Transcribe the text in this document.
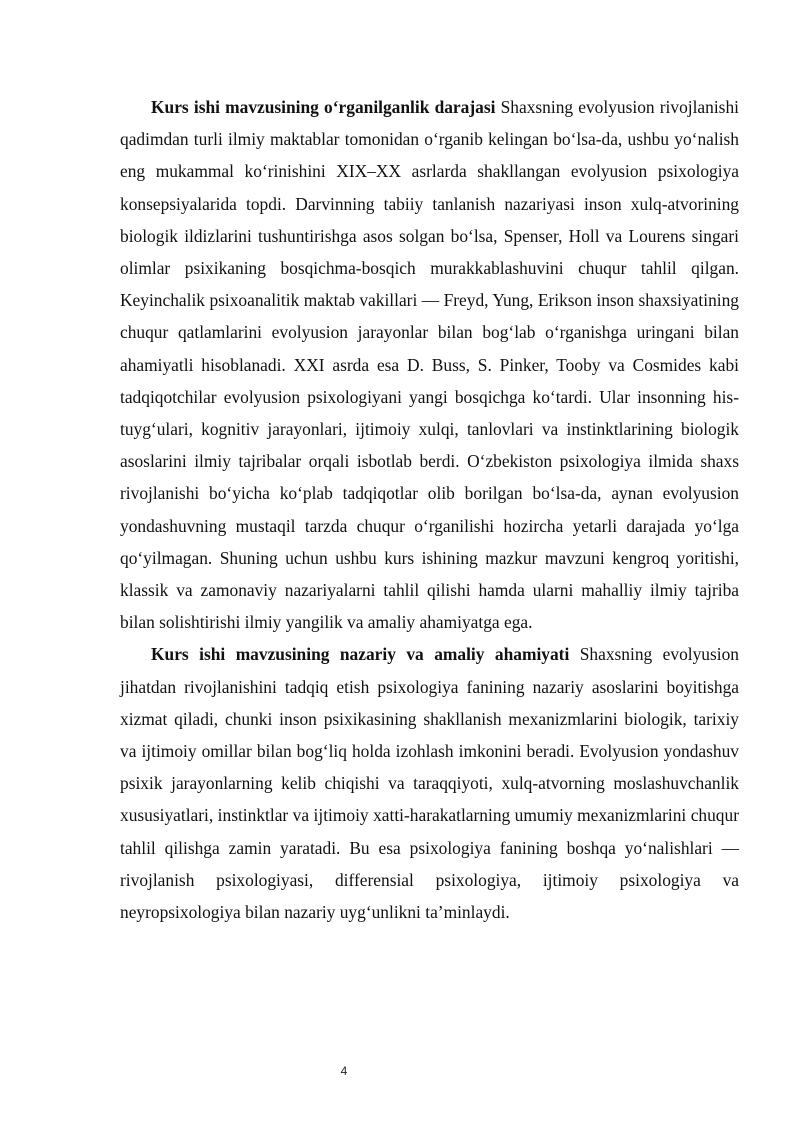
Kurs ishi mavzusining o‘rganilganlik darajasi Shaxsning evolyusion rivojlanishi qadimdan turli ilmiy maktablar tomonidan o‘rganib kelingan bo‘lsa-da, ushbu yo‘nalish eng mukammal ko‘rinishini XIX–XX asrlarda shakllangan evolyusion psixologiya konsepsiyalarida topdi. Darvinning tabiiy tanlanish nazariyasi inson xulq-atvorining biologik ildizlarini tushuntirishga asos solgan bo‘lsa, Spenser, Holl va Lourens singari olimlar psixikaning bosqichma-bosqich murakkablashuvini chuqur tahlil qilgan. Keyinchalik psixoanalitik maktab vakillari — Freyd, Yung, Erikson inson shaxsiyatining chuqur qatlamlarini evolyusion jarayonlar bilan bog‘lab o‘rganishga uringani bilan ahamiyatli hisoblanadi. XXI asrda esa D. Buss, S. Pinker, Tooby va Cosmides kabi tadqiqotchilar evolyusion psixologiyani yangi bosqichga ko‘tardi. Ular insonning his-tuyg‘ulari, kognitiv jarayonlari, ijtimoiy xulqi, tanlovlari va instinktlarining biologik asoslarini ilmiy tajribalar orqali isbotlab berdi. O‘zbekiston psixologiya ilmida shaxs rivojlanishi bo‘yicha ko‘plab tadqiqotlar olib borilgan bo‘lsa-da, aynan evolyusion yondashuvning mustaqil tarzda chuqur o‘rganilishi hozircha yetarli darajada yo‘lga qo‘yilmagan. Shuning uchun ushbu kurs ishining mazkur mavzuni kengroq yoritishi, klassik va zamonaviy nazariyalarni tahlil qilishi hamda ularni mahalliy ilmiy tajriba bilan solishtirishi ilmiy yangilik va amaliy ahamiyatga ega.

Kurs ishi mavzusining nazariy va amaliy ahamiyati Shaxsning evolyusion jihatdan rivojlanishini tadqiq etish psixologiya fanining nazariy asoslarini boyitishga xizmat qiladi, chunki inson psixikasining shakllanish mexanizmlarini biologik, tarixiy va ijtimoiy omillar bilan bog‘liq holda izohlash imkonini beradi. Evolyusion yondashuv psixik jarayonlarning kelib chiqishi va taraqqiyoti, xulq-atvorning moslashuvchanlik xususiyatlari, instinktlar va ijtimoiy xatti-harakatlarning umumiy mexanizmlarini chuqur tahlil qilishga zamin yaratadi. Bu esa psixologiya fanining boshqa yo‘nalishlari — rivojlanish psixologiyasi, differensial psixologiya, ijtimoiy psixologiya va neyropsixologiya bilan nazariy uyg‘unlikni ta’minlaydi.

4
